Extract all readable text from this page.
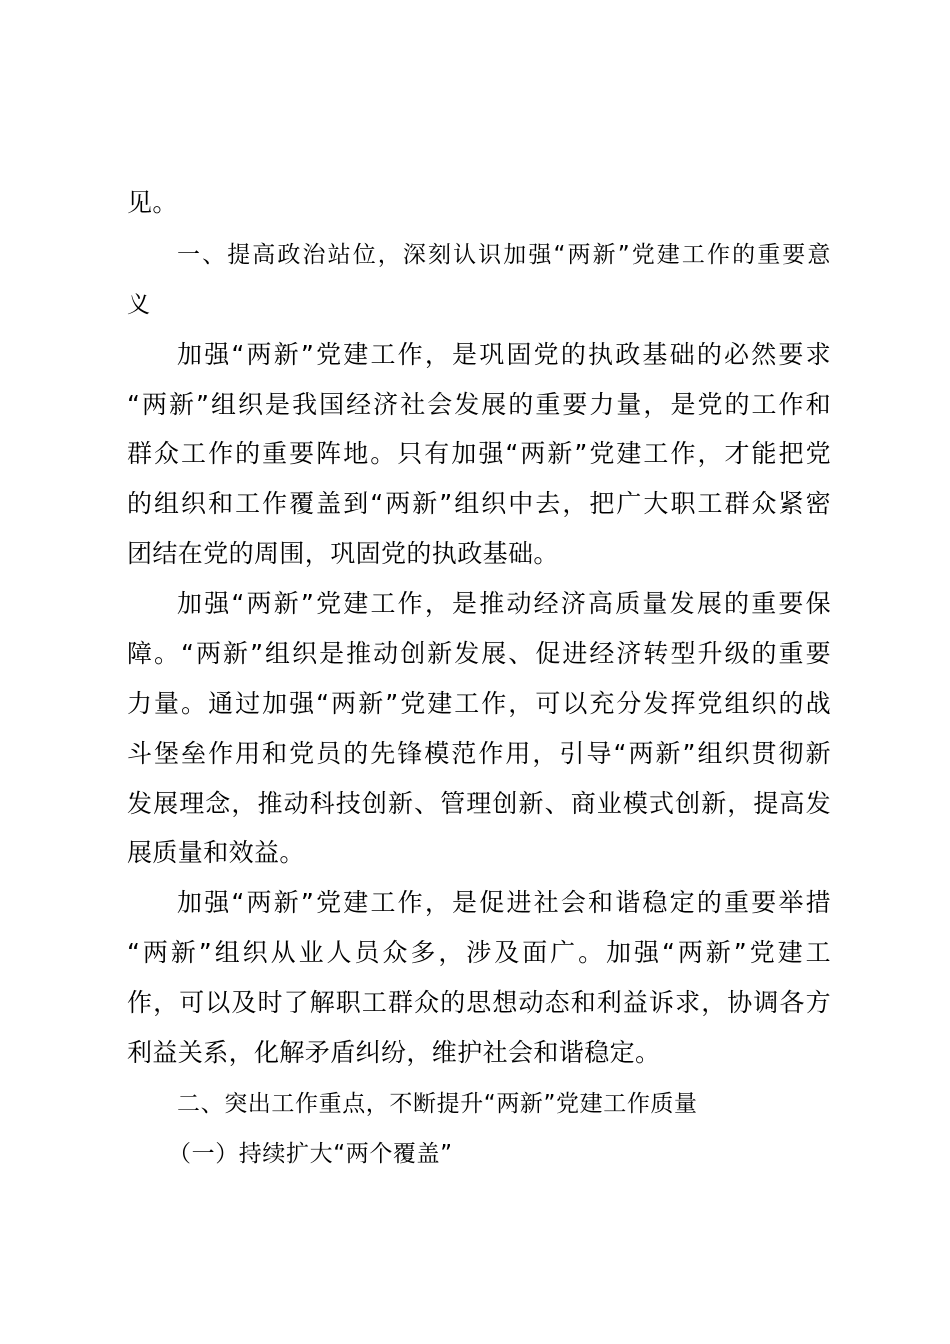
见。
一、提高政治站位，深刻认识加强“两新”党建工作的重要意
义
加强“两新”党建工作，是巩固党的执政基础的必然要求
“两新”组织是我国经济社会发展的重要力量，是党的工作和
群众工作的重要阵地。只有加强“两新”党建工作，才能把党
的组织和工作覆盖到“两新”组织中去，把广大职工群众紧密
团结在党的周围，巩固党的执政基础。
加强“两新”党建工作，是推动经济高质量发展的重要保
障。“两新”组织是推动创新发展、促进经济转型升级的重要
力量。通过加强“两新”党建工作，可以充分发挥党组织的战
斗堡垒作用和党员的先锋模范作用，引导“两新”组织贯彻新
发展理念，推动科技创新、管理创新、商业模式创新，提高发
展质量和效益。
加强“两新”党建工作，是促进社会和谐稳定的重要举措
“两新”组织从业人员众多，涉及面广。加强“两新”党建工
作，可以及时了解职工群众的思想动态和利益诉求，协调各方
利益关系，化解矛盾纠纷，维护社会和谐稳定。
二、突出工作重点，不断提升“两新”党建工作质量
（一）持续扩大“两个覆盖”
